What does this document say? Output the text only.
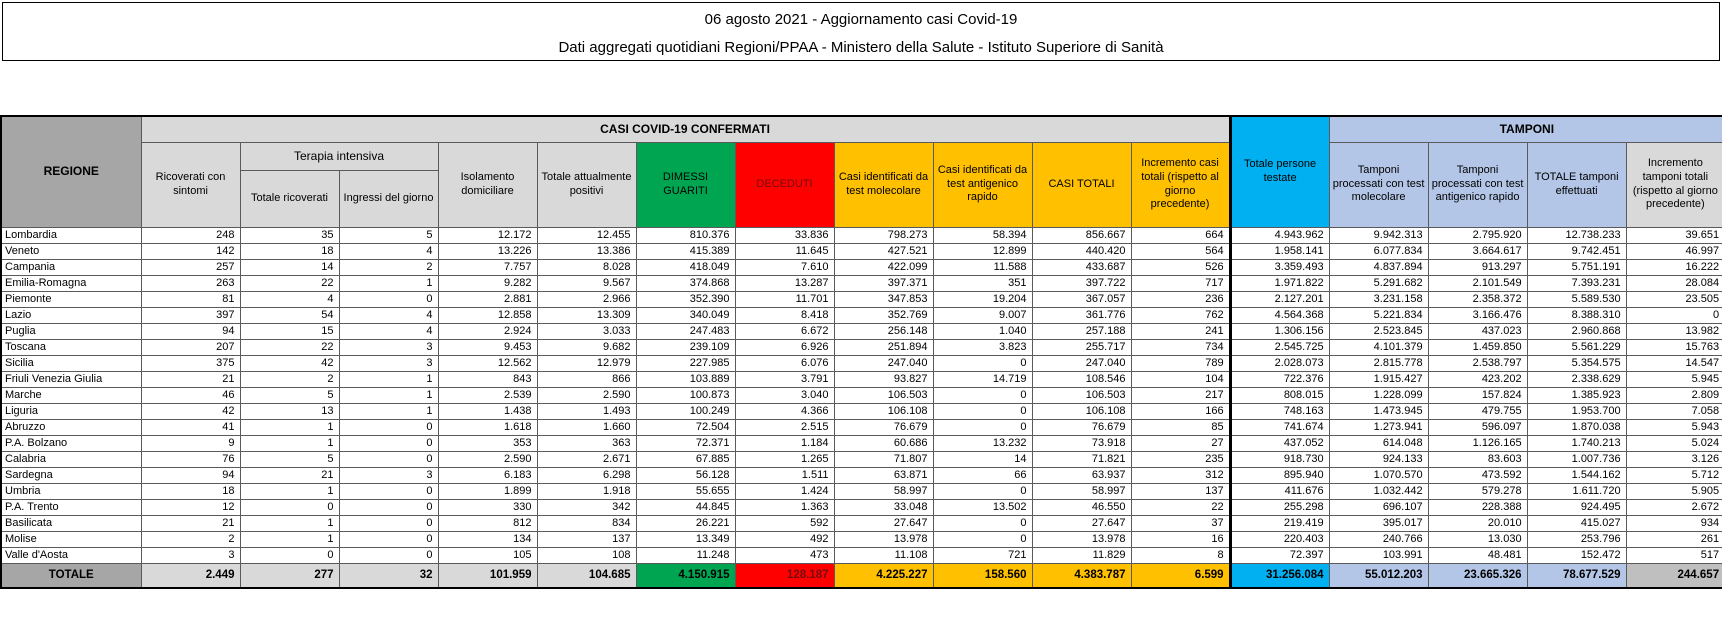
06 agosto 2021 - Aggiornamento casi Covid-19
Dati aggregati quotidiani Regioni/PPAA - Ministero della Salute - Istituto Superiore di Sanità
REGIONE	CASI COVID-19 CONFERMATI											Totale persone testate	TAMPONI			
	Ricoverati con sintomi	Terapia intensiva		Isolamento domiciliare	Totale attualmente positivi	DIMESSI GUARITI	DECEDUTI	Casi identificati da test molecolare	Casi identificati da test antigenico rapido	CASI TOTALI	Incremento casi totali (rispetto al giorno precedente)		Tamponi processati con test molecolare	Tamponi processati con test antigenico rapido	TOTALE tamponi effettuati	Incremento tamponi totali (rispetto al giorno precedente)
		Totale ricoverati	Ingressi del giorno													
Lombardia	248	35	5	12.172	12.455	810.376	33.836	798.273	58.394	856.667	664	4.943.962	9.942.313	2.795.920	12.738.233	39.651
Veneto	142	18	4	13.226	13.386	415.389	11.645	427.521	12.899	440.420	564	1.958.141	6.077.834	3.664.617	9.742.451	46.997
Campania	257	14	2	7.757	8.028	418.049	7.610	422.099	11.588	433.687	526	3.359.493	4.837.894	913.297	5.751.191	16.222
Emilia-Romagna	263	22	1	9.282	9.567	374.868	13.287	397.371	351	397.722	717	1.971.822	5.291.682	2.101.549	7.393.231	28.084
Piemonte	81	4	0	2.881	2.966	352.390	11.701	347.853	19.204	367.057	236	2.127.201	3.231.158	2.358.372	5.589.530	23.505
Lazio	397	54	4	12.858	13.309	340.049	8.418	352.769	9.007	361.776	762	4.564.368	5.221.834	3.166.476	8.388.310	0
Puglia	94	15	4	2.924	3.033	247.483	6.672	256.148	1.040	257.188	241	1.306.156	2.523.845	437.023	2.960.868	13.982
Toscana	207	22	3	9.453	9.682	239.109	6.926	251.894	3.823	255.717	734	2.545.725	4.101.379	1.459.850	5.561.229	15.763
Sicilia	375	42	3	12.562	12.979	227.985	6.076	247.040	0	247.040	789	2.028.073	2.815.778	2.538.797	5.354.575	14.547
Friuli Venezia Giulia	21	2	1	843	866	103.889	3.791	93.827	14.719	108.546	104	722.376	1.915.427	423.202	2.338.629	5.945
Marche	46	5	1	2.539	2.590	100.873	3.040	106.503	0	106.503	217	808.015	1.228.099	157.824	1.385.923	2.809
Liguria	42	13	1	1.438	1.493	100.249	4.366	106.108	0	106.108	166	748.163	1.473.945	479.755	1.953.700	7.058
Abruzzo	41	1	0	1.618	1.660	72.504	2.515	76.679	0	76.679	85	741.674	1.273.941	596.097	1.870.038	5.943
P.A. Bolzano	9	1	0	353	363	72.371	1.184	60.686	13.232	73.918	27	437.052	614.048	1.126.165	1.740.213	5.024
Calabria	76	5	0	2.590	2.671	67.885	1.265	71.807	14	71.821	235	918.730	924.133	83.603	1.007.736	3.126
Sardegna	94	21	3	6.183	6.298	56.128	1.511	63.871	66	63.937	312	895.940	1.070.570	473.592	1.544.162	5.712
Umbria	18	1	0	1.899	1.918	55.655	1.424	58.997	0	58.997	137	411.676	1.032.442	579.278	1.611.720	5.905
P.A. Trento	12	0	0	330	342	44.845	1.363	33.048	13.502	46.550	22	255.298	696.107	228.388	924.495	2.672
Basilicata	21	1	0	812	834	26.221	592	27.647	0	27.647	37	219.419	395.017	20.010	415.027	934
Molise	2	1	0	134	137	13.349	492	13.978	0	13.978	16	220.403	240.766	13.030	253.796	261
Valle d'Aosta	3	0	0	105	108	11.248	473	11.108	721	11.829	8	72.397	103.991	48.481	152.472	517
TOTALE	2.449	277	32	101.959	104.685	4.150.915	128.187	4.225.227	158.560	4.383.787	6.599	31.256.084	55.012.203	23.665.326	78.677.529	244.657
